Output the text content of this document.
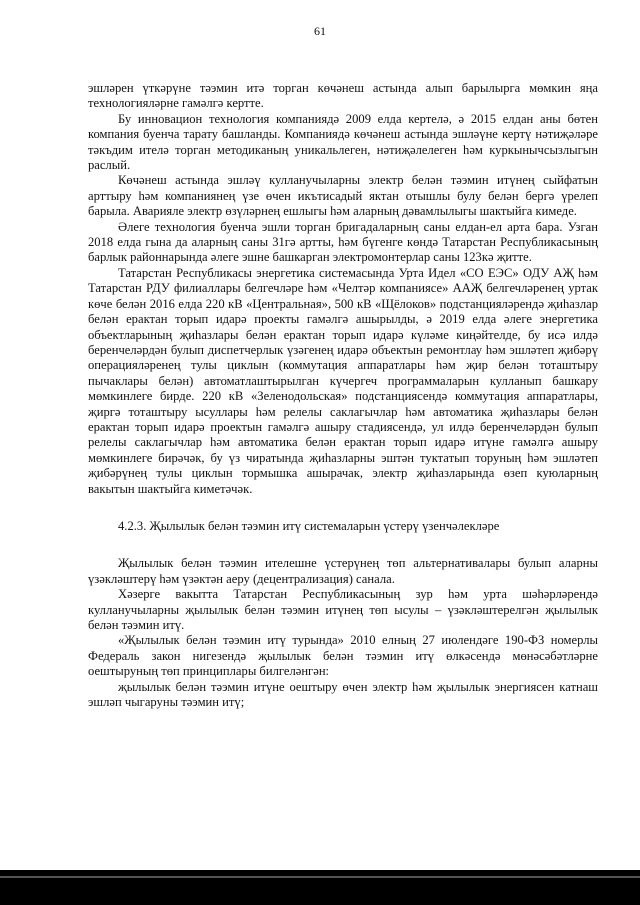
61

эшләрен үткәрүне тәэмин итә торган көчәнеш астында алып барылырга мөмкин яңа технологияләрне гамәлгә керттe.

Бу инновацион технология компаниядә 2009 елда кертелә, ә 2015 елдан аны бөтен компания буенча тарату башланды. Компаниядә көчәнеш астында эшләүне кертү нәтиҗәләре тәкъдим ителә торган методиканың уникальлеген, нәтиҗәлелеген һәм куркынычсызлыгын раслый.

Көчәнеш астында эшләү кулланучыларны электр белән тәэмин итүнең сыйфатын арттыру һәм компаниянең үзе өчен икътисадый яктан отышлы булу белән бергә үрелеп барыла. Аварияле электр өзүләрнең ешлыгы һәм аларның дәвамлылыгы шактыйга кимеде.

Әлеге технология буенча эшли торган бригадаларның саны елдан-ел арта бара. Узган 2018 елда гына да аларның саны 31гә артты, һәм бүгенге көндә Татарстан Республикасының барлык районнарында әлеге эшне башкарган электромонтерлар саны 123кә җитте.

Татарстан Республикасы энергетика системасында Урта Идел «СО ЕЭС» ОДУ АҖ һәм Татарстан РДУ филиаллары белгечләре һәм «Челтәр компаниясе» ААҖ белгечләренең уртак көче белән 2016 елда 220 кВ «Центральная», 500 кВ «Щёлоков» подстанцияләрендә җиһазлар белән ерактан торып идарә проекты гамәлгә ашырылды, ә 2019 елда әлеге энергетика объектларының җиһазлары белән ерактан торып идарә күләме киңәйтелде, бу исә илдә беренчеләрдән булып диспетчерлык үзәгенең идарә объектын ремонтлау һәм эшләтеп җибәрү операцияләренең тулы циклын (коммутация аппаратлары һәм җир белән тоташтыру пычаклары белән) автоматлаштырылган күчергеч программаларын кулланып башкару мөмкинлеге бирде. 220 кВ «Зеленодольская» подстанциясендә коммутация аппаратлары, җиргә тоташтыру ысуллары һәм релелы саклагычлар һәм автоматика җиһазлары белән ерактан торып идарә проектын гамәлгә ашыру стадиясендә, ул илдә беренчеләрдән булып релелы саклагычлар һәм автоматика белән ерактан торып идарә итүне гамәлгә ашыру мөмкинлеге бирәчәк, бу үз чиратында җиһазларны эштән туктатып торуның һәм эшләтеп җибәрүнең тулы циклын тормышка ашырачак, электр җиһазларында өзеп куюларның вакытын шактыйга киметәчәк.

4.2.3. Җылылык белән тәэмин итү системаларын үстерү үзенчәлекләре

Җылылык белән тәэмин ителешне үстерүнең төп альтернативалары булып аларны үзәкләштерү һәм үзәктән аеру (децентрализация) санала.

Хәзерге вакытта Татарстан Республикасының зур һәм урта шәһәрләрендә кулланучыларны җылылык белән тәэмин итүнең төп ысулы – үзәкләштерелгән җылылык белән тәэмин итү.

«Җылылык белән тәэмин итү турында» 2010 елның 27 июлендәге 190-ФЗ номерлы Федераль закон нигезендә җылылык белән тәэмин итү өлкәсендә мөнәсәбәтләрне оештыруның төп принциплары билгеләнгән:

җылылык белән тәэмин итүне оештыру өчен электр һәм җылылык энергиясен катнаш эшләп чыгаруны тәэмин итү;
